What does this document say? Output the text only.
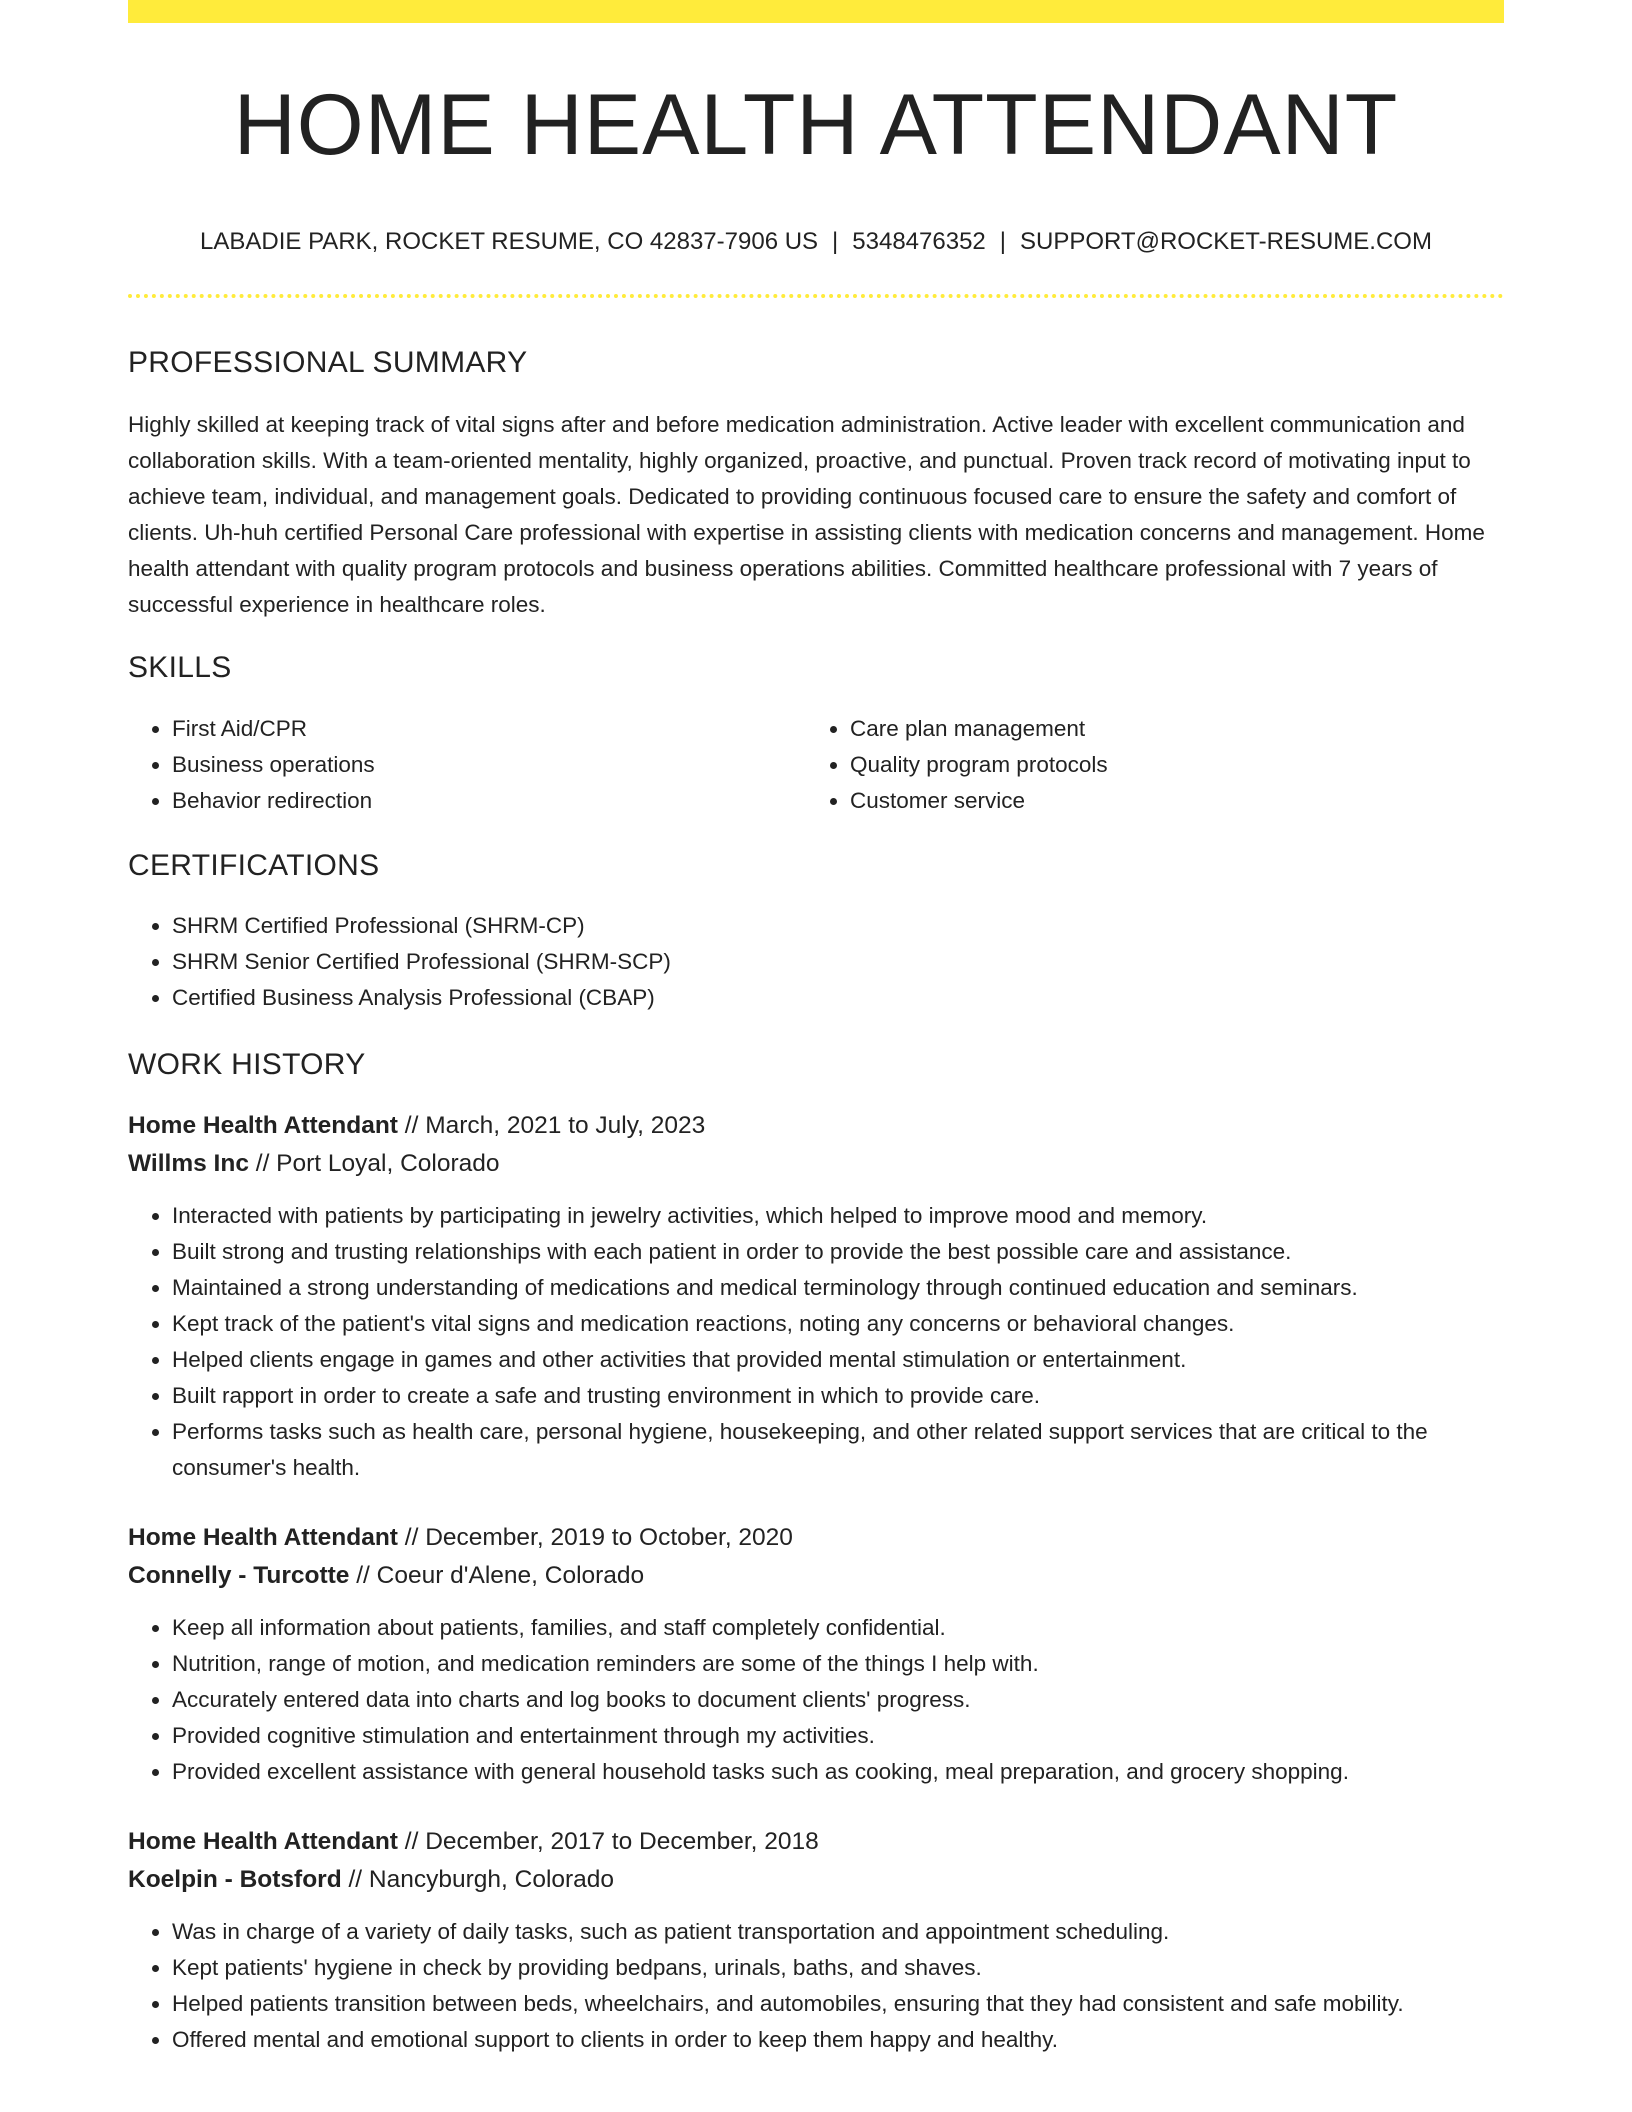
HOME HEALTH ATTENDANT
LABADIE PARK, ROCKET RESUME, CO 42837-7906 US | 5348476352 | SUPPORT@ROCKET-RESUME.COM
PROFESSIONAL SUMMARY

Highly skilled at keeping track of vital signs after and before medication administration. Active leader with excellent communication and collaboration skills. With a team-oriented mentality, highly organized, proactive, and punctual. Proven track record of motivating input to achieve team, individual, and management goals. Dedicated to providing continuous focused care to ensure the safety and comfort of clients. Uh-huh certified Personal Care professional with expertise in assisting clients with medication concerns and management. Home health attendant with quality program protocols and business operations abilities. Committed healthcare professional with 7 years of successful experience in healthcare roles.

SKILLS
• First Aid/CPR
• Business operations
• Behavior redirection
• Care plan management
• Quality program protocols
• Customer service
CERTIFICATIONS
• SHRM Certified Professional (SHRM-CP)
• SHRM Senior Certified Professional (SHRM-SCP)
• Certified Business Analysis Professional (CBAP)
WORK HISTORY
Home Health Attendant // March, 2021 to July, 2023
Willms Inc // Port Loyal, Colorado
• Interacted with patients by participating in jewelry activities, which helped to improve mood and memory.
• Built strong and trusting relationships with each patient in order to provide the best possible care and assistance.
• Maintained a strong understanding of medications and medical terminology through continued education and seminars.
• Kept track of the patient's vital signs and medication reactions, noting any concerns or behavioral changes.
• Helped clients engage in games and other activities that provided mental stimulation or entertainment.
• Built rapport in order to create a safe and trusting environment in which to provide care.
• Performs tasks such as health care, personal hygiene, housekeeping, and other related support services that are critical to the consumer's health.
Home Health Attendant // December, 2019 to October, 2020
Connelly - Turcotte // Coeur d'Alene, Colorado
• Keep all information about patients, families, and staff completely confidential.
• Nutrition, range of motion, and medication reminders are some of the things I help with.
• Accurately entered data into charts and log books to document clients' progress.
• Provided cognitive stimulation and entertainment through my activities.
• Provided excellent assistance with general household tasks such as cooking, meal preparation, and grocery shopping.
Home Health Attendant // December, 2017 to December, 2018
Koelpin - Botsford // Nancyburgh, Colorado
• Was in charge of a variety of daily tasks, such as patient transportation and appointment scheduling.
• Kept patients' hygiene in check by providing bedpans, urinals, baths, and shaves.
• Helped patients transition between beds, wheelchairs, and automobiles, ensuring that they had consistent and safe mobility.
• Offered mental and emotional support to clients in order to keep them happy and healthy.
